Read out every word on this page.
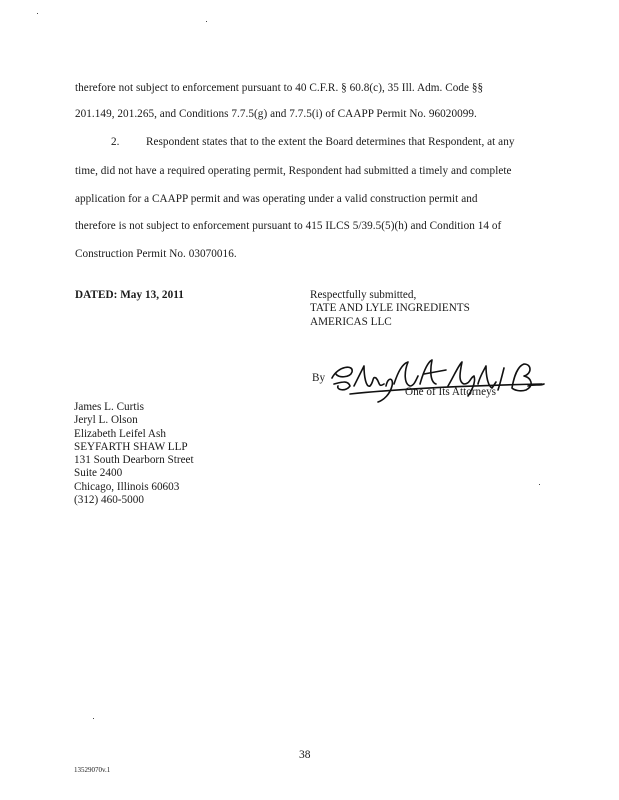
therefore not subject to enforcement pursuant to 40 C.F.R. § 60.8(c), 35 Ill. Adm. Code §§
201.149, 201.265, and Conditions 7.7.5(g) and 7.7.5(i) of CAAPP Permit No. 96020099.
2. Respondent states that to the extent the Board determines that Respondent, at any
time, did not have a required operating permit, Respondent had submitted a timely and complete
application for a CAAPP permit and was operating under a valid construction permit and
therefore is not subject to enforcement pursuant to 415 ILCS 5/39.5(5)(h) and Condition 14 of
Construction Permit No. 03070016.
DATED: May 13, 2011	Respectfully submitted,
TATE AND LYLE INGREDIENTS
AMERICAS LLC
By
One of Its Attorneys
James L. Curtis
Jeryl L. Olson
Elizabeth Leifel Ash
SEYFARTH SHAW LLP
131 South Dearborn Street
Suite 2400
Chicago, Illinois 60603
(312) 460-5000
38
13529070v.1
